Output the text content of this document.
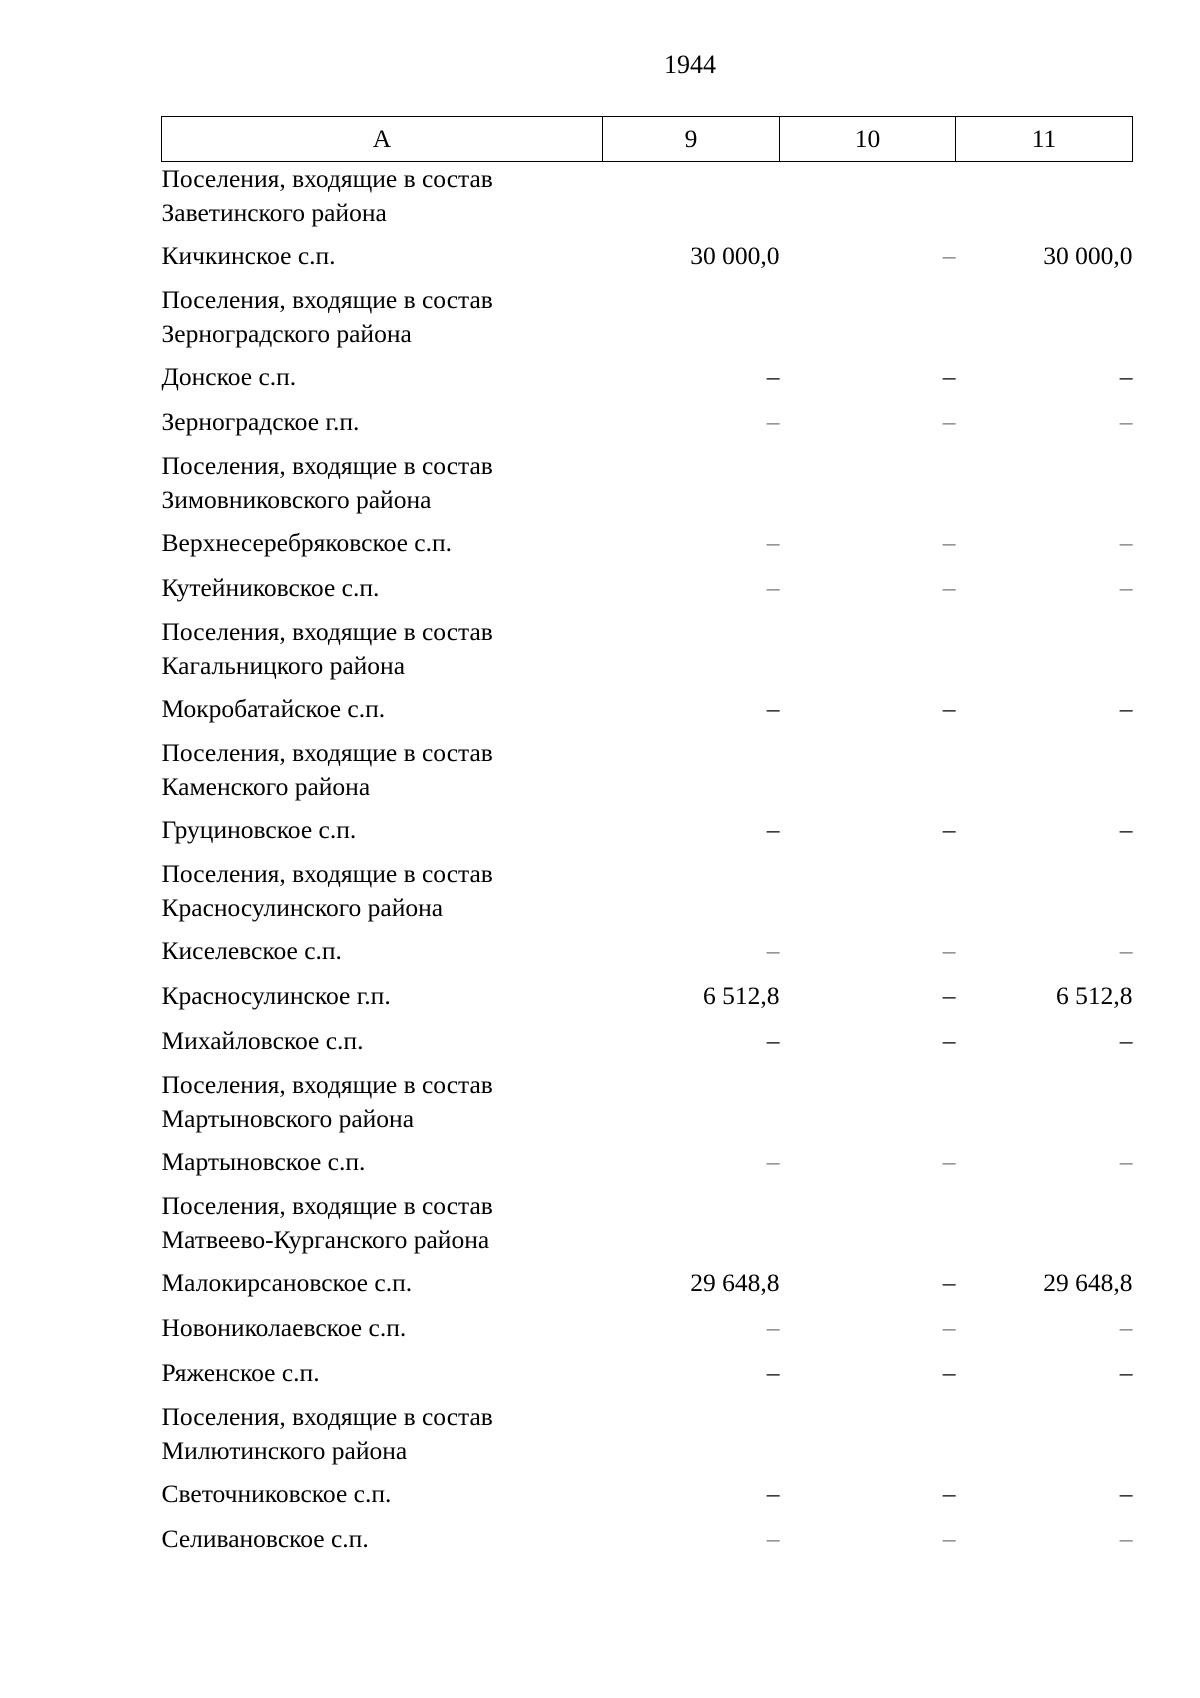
1944
А	9	10	11
Поселения, входящие в состав Заветинского района			
Кичкинское с.п.	30 000,0	–	30 000,0
Поселения, входящие в состав Зерноградского района			
Донское с.п.	–	–	–
Зерноградское г.п.	–	–	–
Поселения, входящие в состав Зимовниковского района			
Верхнесеребряковское с.п.	–	–	–
Кутейниковское с.п.	–	–	–
Поселения, входящие в состав Кагальницкого района			
Мокробатайское с.п.	–	–	–
Поселения, входящие в состав Каменского района			
Груциновское с.п.	–	–	–
Поселения, входящие в состав Красносулинского района			
Киселевское с.п.	–	–	–
Красносулинское г.п.	6 512,8	–	6 512,8
Михайловское с.п.	–	–	–
Поселения, входящие в состав Мартыновского района			
Мартыновское с.п.	–	–	–
Поселения, входящие в состав Матвеево-Курганского района			
Малокирсановское с.п.	29 648,8	–	29 648,8
Новониколаевское с.п.	–	–	–
Ряженское с.п.	–	–	–
Поселения, входящие в состав Милютинского района			
Светочниковское с.п.	–	–	–
Селивановское с.п.	–	–	–
